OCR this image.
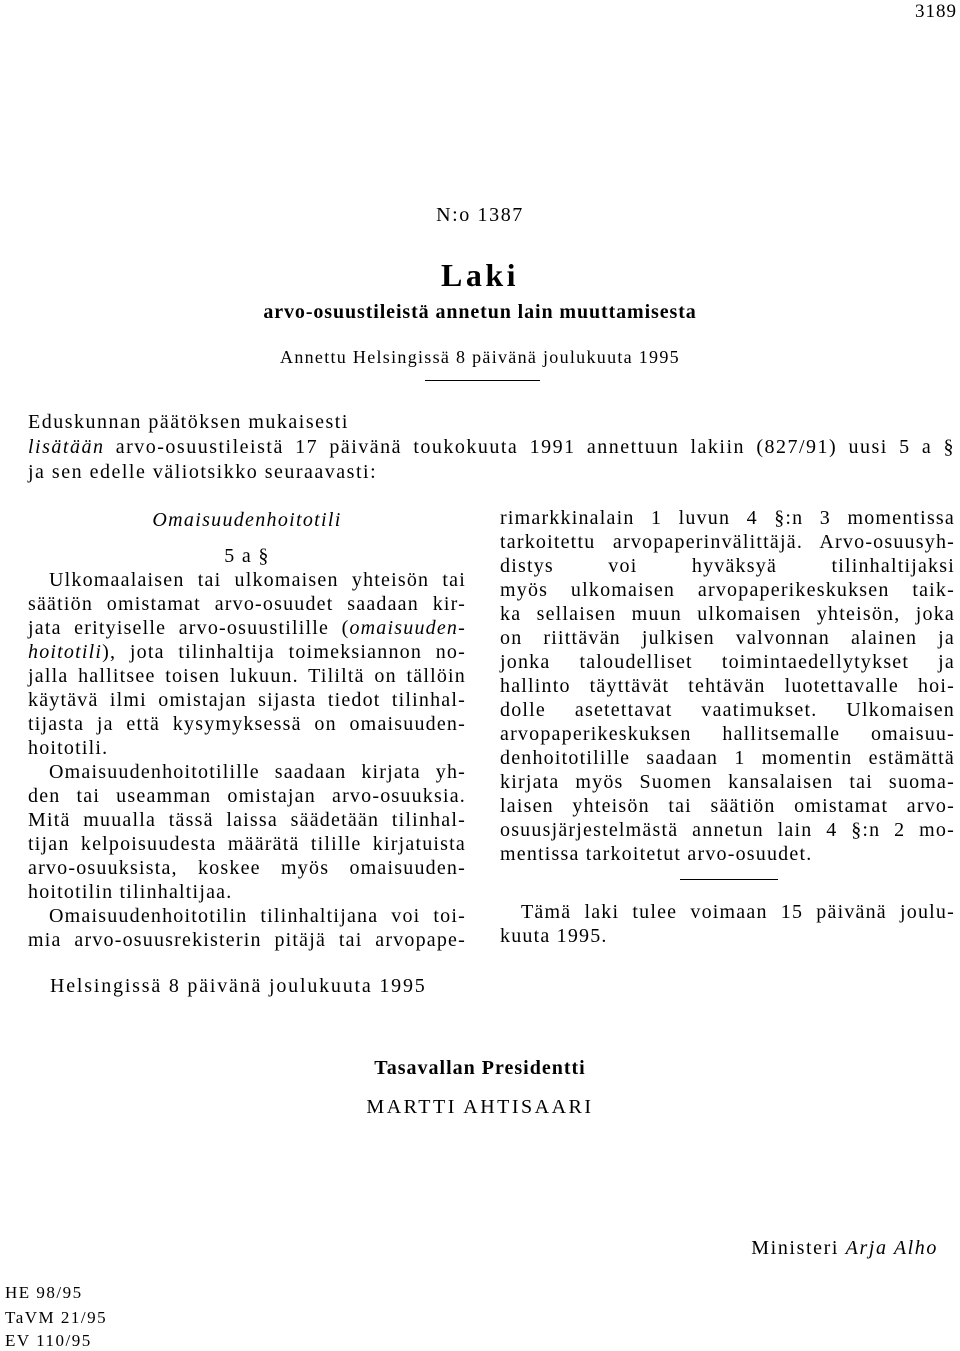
3189
N:o 1387
Laki
arvo-osuustileistä annetun lain muuttamisesta
Annettu Helsingissä 8 päivänä joulukuuta 1995
Eduskunnan päätöksen mukaisesti
lisätään arvo-osuustileistä 17 päivänä toukokuuta 1991 annettuun lakiin (827/91) uusi 5 a §
ja sen edelle väliotsikko seuraavasti:
Omaisuudenhoitotili
5 a §
Ulkomaalaisen tai ulkomaisen yhteisön tai
säätiön omistamat arvo-osuudet saadaan kir-
jata erityiselle arvo-osuustilille (omaisuuden-
hoitotili), jota tilinhaltija toimeksiannon no-
jalla hallitsee toisen lukuun. Tililtä on tällöin
käytävä ilmi omistajan sijasta tiedot tilinhal-
tijasta ja että kysymyksessä on omaisuuden-
hoitotili.
Omaisuudenhoitotilille saadaan kirjata yh-
den tai useamman omistajan arvo-osuuksia.
Mitä muualla tässä laissa säädetään tilinhal-
tijan kelpoisuudesta määrätä tilille kirjatuista
arvo-osuuksista, koskee myös omaisuuden-
hoitotilin tilinhaltijaa.
Omaisuudenhoitotilin tilinhaltijana voi toi-
mia arvo-osuusrekisterin pitäjä tai arvopape-
rimarkkinalain 1 luvun 4 §:n 3 momentissa
tarkoitettu arvopaperinvälittäjä. Arvo-osuusyh-
distys voi hyväksyä tilinhaltijaksi
myös ulkomaisen arvopaperikeskuksen taik-
ka sellaisen muun ulkomaisen yhteisön, joka
on riittävän julkisen valvonnan alainen ja
jonka taloudelliset toimintaedellytykset ja
hallinto täyttävät tehtävän luotettavalle hoi-
dolle asetettavat vaatimukset. Ulkomaisen
arvopaperikeskuksen hallitsemalle omaisuu-
denhoitotilille saadaan 1 momentin estämättä
kirjata myös Suomen kansalaisen tai suoma-
laisen yhteisön tai säätiön omistamat arvo-
osuusjärjestelmästä annetun lain 4 §:n 2 mo-
mentissa tarkoitetut arvo-osuudet.
Tämä laki tulee voimaan 15 päivänä joulu-
kuuta 1995.
Helsingissä 8 päivänä joulukuuta 1995
Tasavallan Presidentti
MARTTI AHTISAARI
Ministeri Arja Alho
HE 98/95
TaVM 21/95
EV 110/95
